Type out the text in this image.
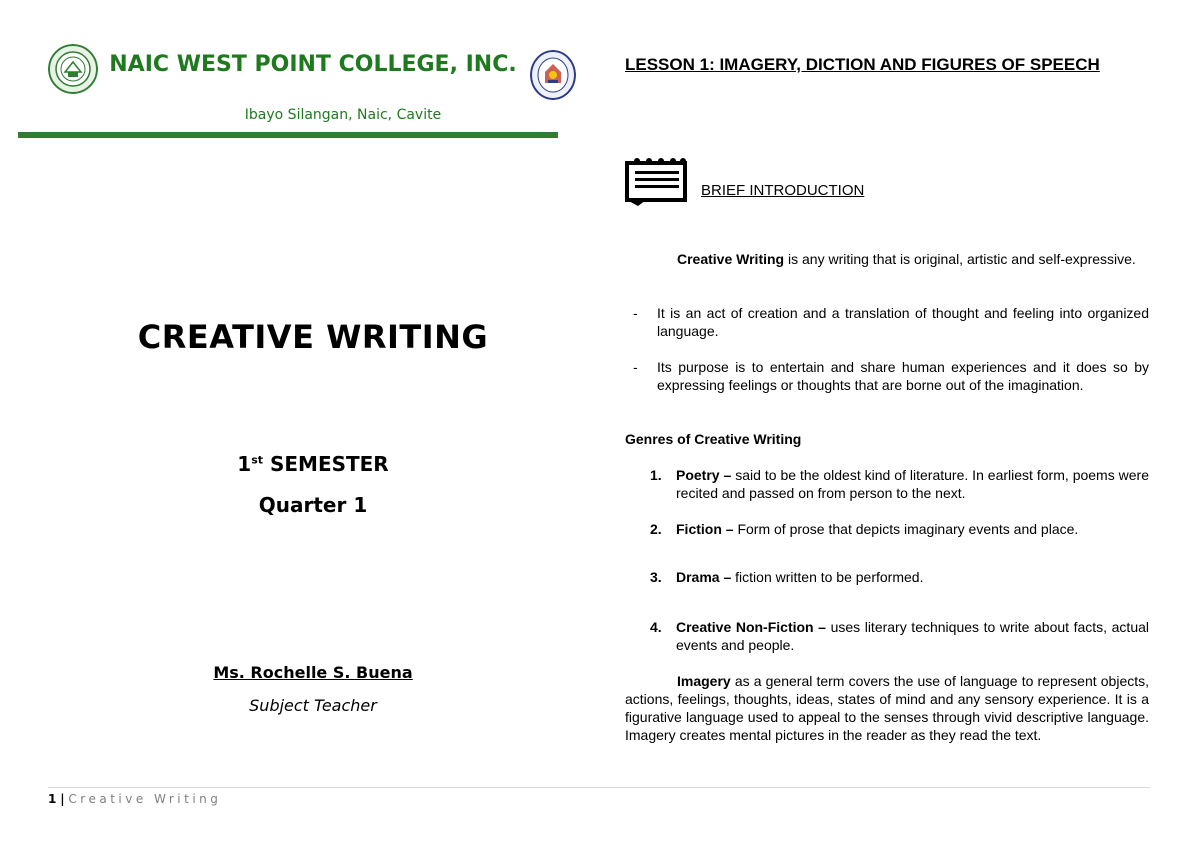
NAIC WEST POINT COLLEGE, INC.
Ibayo Silangan, Naic, Cavite
CREATIVE WRITING
1st SEMESTER
Quarter 1
Ms. Rochelle S. Buena
Subject Teacher
1 | Creative Writing
LESSON 1: IMAGERY, DICTION AND FIGURES OF SPEECH
BRIEF INTRODUCTION
Creative Writing is any writing that is original, artistic and self-expressive.
- It is an act of creation and a translation of thought and feeling into organized language.
- Its purpose is to entertain and share human experiences and it does so by expressing feelings or thoughts that are borne out of the imagination.
Genres of Creative Writing
1. Poetry – said to be the oldest kind of literature. In earliest form, poems were recited and passed on from person to the next.
2. Fiction – Form of prose that depicts imaginary events and place.
3. Drama – fiction written to be performed.
4. Creative Non-Fiction – uses literary techniques to write about facts, actual events and people.
Imagery as a general term covers the use of language to represent objects, actions, feelings, thoughts, ideas, states of mind and any sensory experience. It is a figurative language used to appeal to the senses through vivid descriptive language. Imagery creates mental pictures in the reader as they read the text.
